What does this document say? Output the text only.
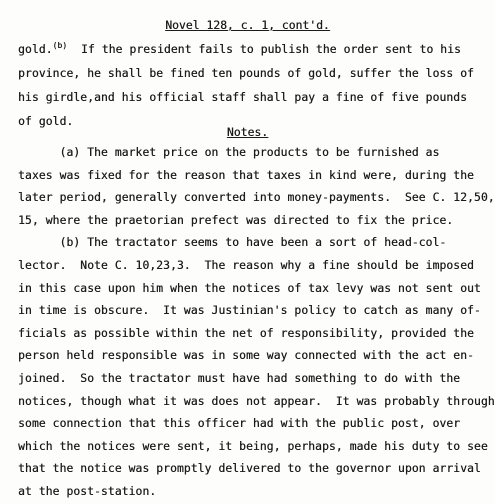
Novel 128, c. 1, cont'd.
gold.$^{(b)}$  If the president fails to publish the order sent to his
province, he shall be fined ten pounds of gold, suffer the loss of
his girdle,and his official staff shall pay a fine of five pounds
of gold.
Notes.
(a) The market price on the products to be furnished as
taxes was fixed for the reason that taxes in kind were, during the
later period, generally converted into money-payments.  See C. 12,50,
15, where the praetorian prefect was directed to fix the price.
(b) The tractator seems to have been a sort of head-col-
lector.  Note C. 10,23,3.  The reason why a fine should be imposed
in this case upon him when the notices of tax levy was not sent out
in time is obscure.  It was Justinian's policy to catch as many of-
ficials as possible within the net of responsibility, provided the
person held responsible was in some way connected with the act en-
joined.  So the tractator must have had something to do with the
notices, though what it was does not appear.  It was probably through
some connection that this officer had with the public post, over
which the notices were sent, it being, perhaps, made his duty to see
that the notice was promptly delivered to the governor upon arrival
at the post-station.
